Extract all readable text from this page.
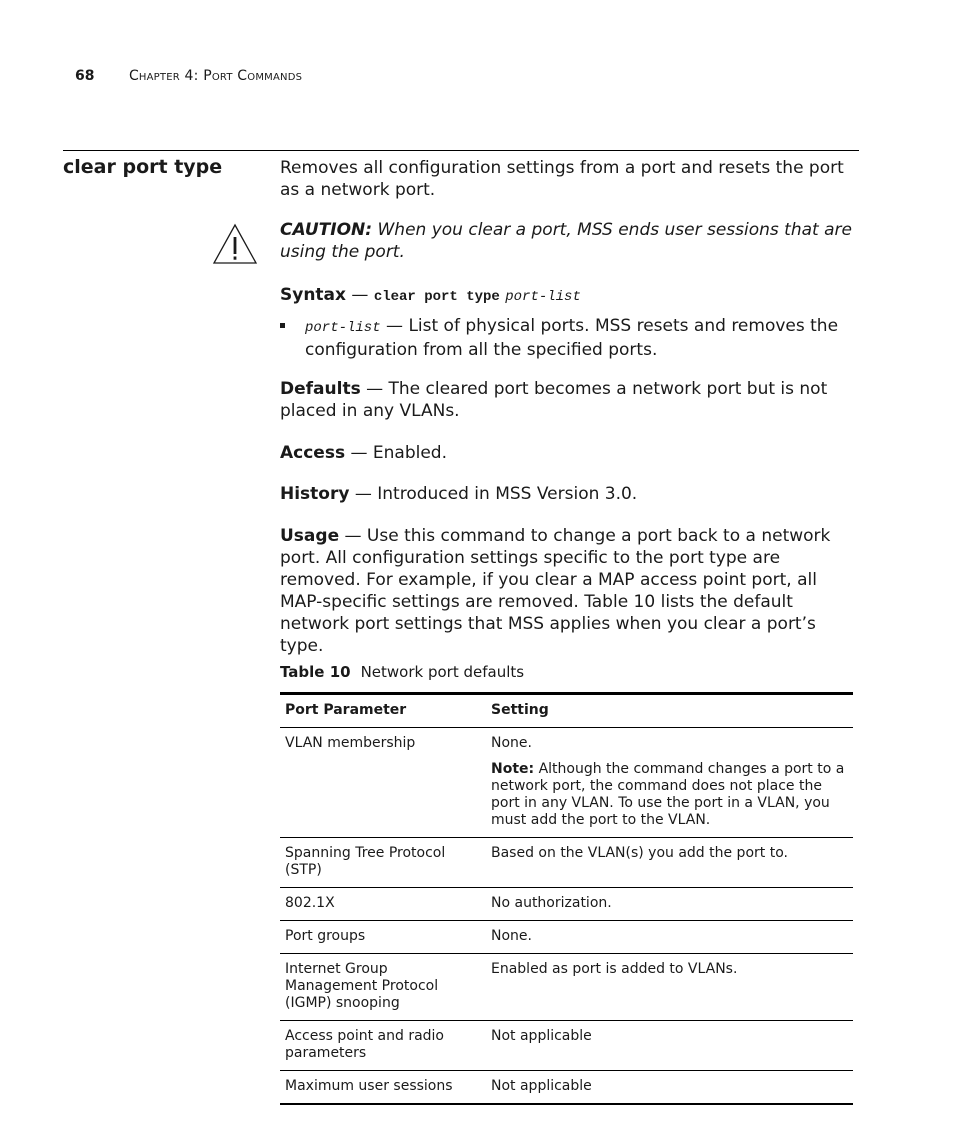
68 Chapter 4: Port Commands
clear port type	Removes all configuration settings from a port and resets the port as a network port.
CAUTION: When you clear a port, MSS ends user sessions that are using the port.
Syntax — clear port type port-list
port-list — List of physical ports. MSS resets and removes the configuration from all the specified ports.
Defaults — The cleared port becomes a network port but is not placed in any VLANs.
Access — Enabled.
History — Introduced in MSS Version 3.0.
Usage — Use this command to change a port back to a network port. All configuration settings specific to the port type are removed. For example, if you clear a MAP access point port, all MAP-specific settings are removed. Table 10 lists the default network port settings that MSS applies when you clear a port’s type.
Table 10 Network port defaults
Port Parameter	Setting
VLAN membership	None.
Note: Although the command changes a port to a network port, the command does not place the port in any VLAN. To use the port in a VLAN, you must add the port to the VLAN.

Spanning Tree Protocol (STP)	Based on the VLAN(s) you add the port to.
802.1X	No authorization.
Port groups	None.
Internet Group Management Protocol (IGMP) snooping	Enabled as port is added to VLANs.
Access point and radio parameters	Not applicable
Maximum user sessions	Not applicable
